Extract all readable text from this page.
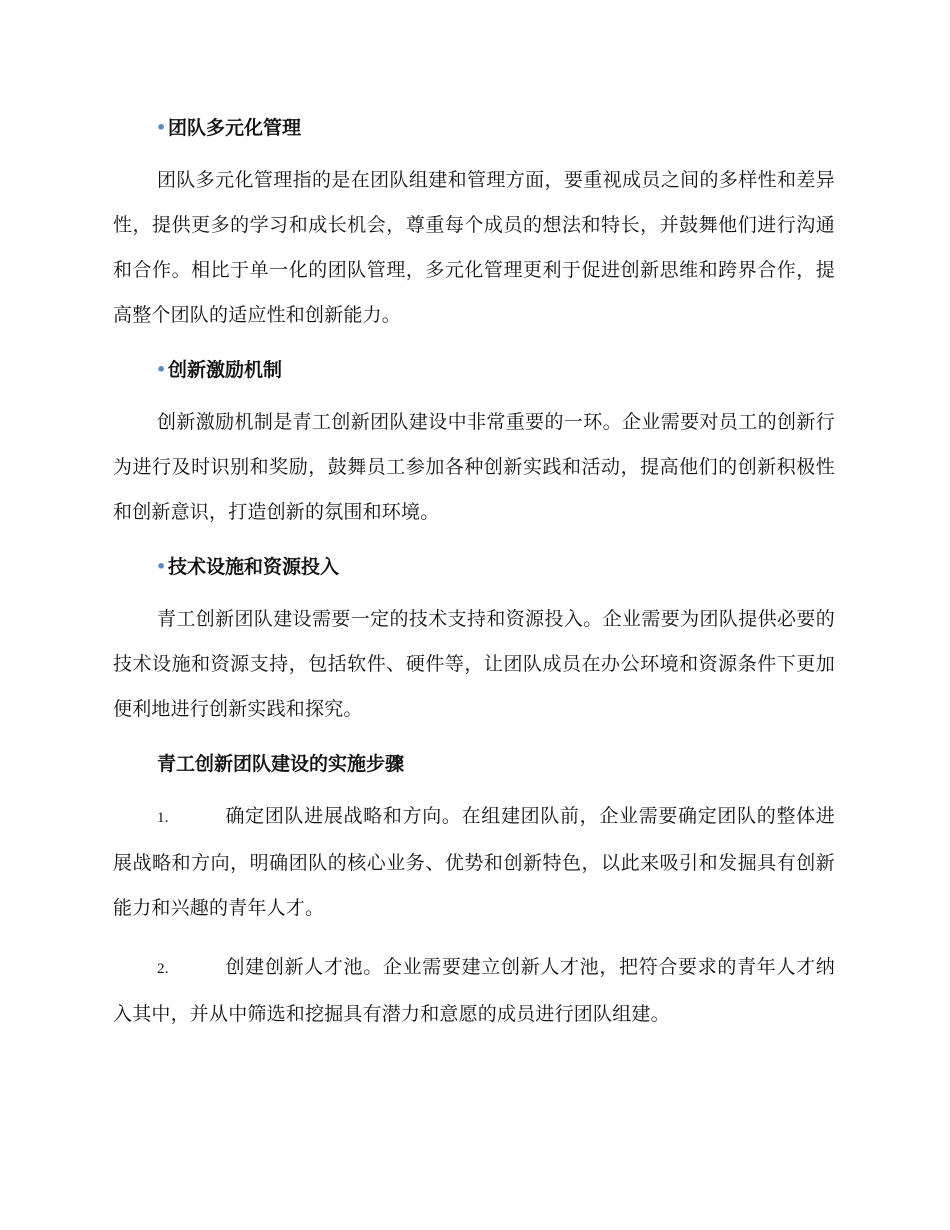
• 团队多元化管理

团队多元化管理指的是在团队组建和管理方面，要重视成员之间的多样性和差异性，提供更多的学习和成长机会，尊重每个成员的想法和特长，并鼓舞他们进行沟通和合作。相比于单一化的团队管理，多元化管理更利于促进创新思维和跨界合作，提高整个团队的适应性和创新能力。

• 创新激励机制

创新激励机制是青工创新团队建设中非常重要的一环。企业需要对员工的创新行为进行及时识别和奖励，鼓舞员工参加各种创新实践和活动，提高他们的创新积极性和创新意识，打造创新的氛围和环境。

• 技术设施和资源投入

青工创新团队建设需要一定的技术支持和资源投入。企业需要为团队提供必要的技术设施和资源支持，包括软件、硬件等，让团队成员在办公环境和资源条件下更加便利地进行创新实践和探究。

青工创新团队建设的实施步骤

1.	确定团队进展战略和方向。在组建团队前，企业需要确定团队的整体进展战略和方向，明确团队的核心业务、优势和创新特色，以此来吸引和发掘具有创新能力和兴趣的青年人才。

2.	创建创新人才池。企业需要建立创新人才池，把符合要求的青年人才纳入其中，并从中筛选和挖掘具有潜力和意愿的成员进行团队组建。
